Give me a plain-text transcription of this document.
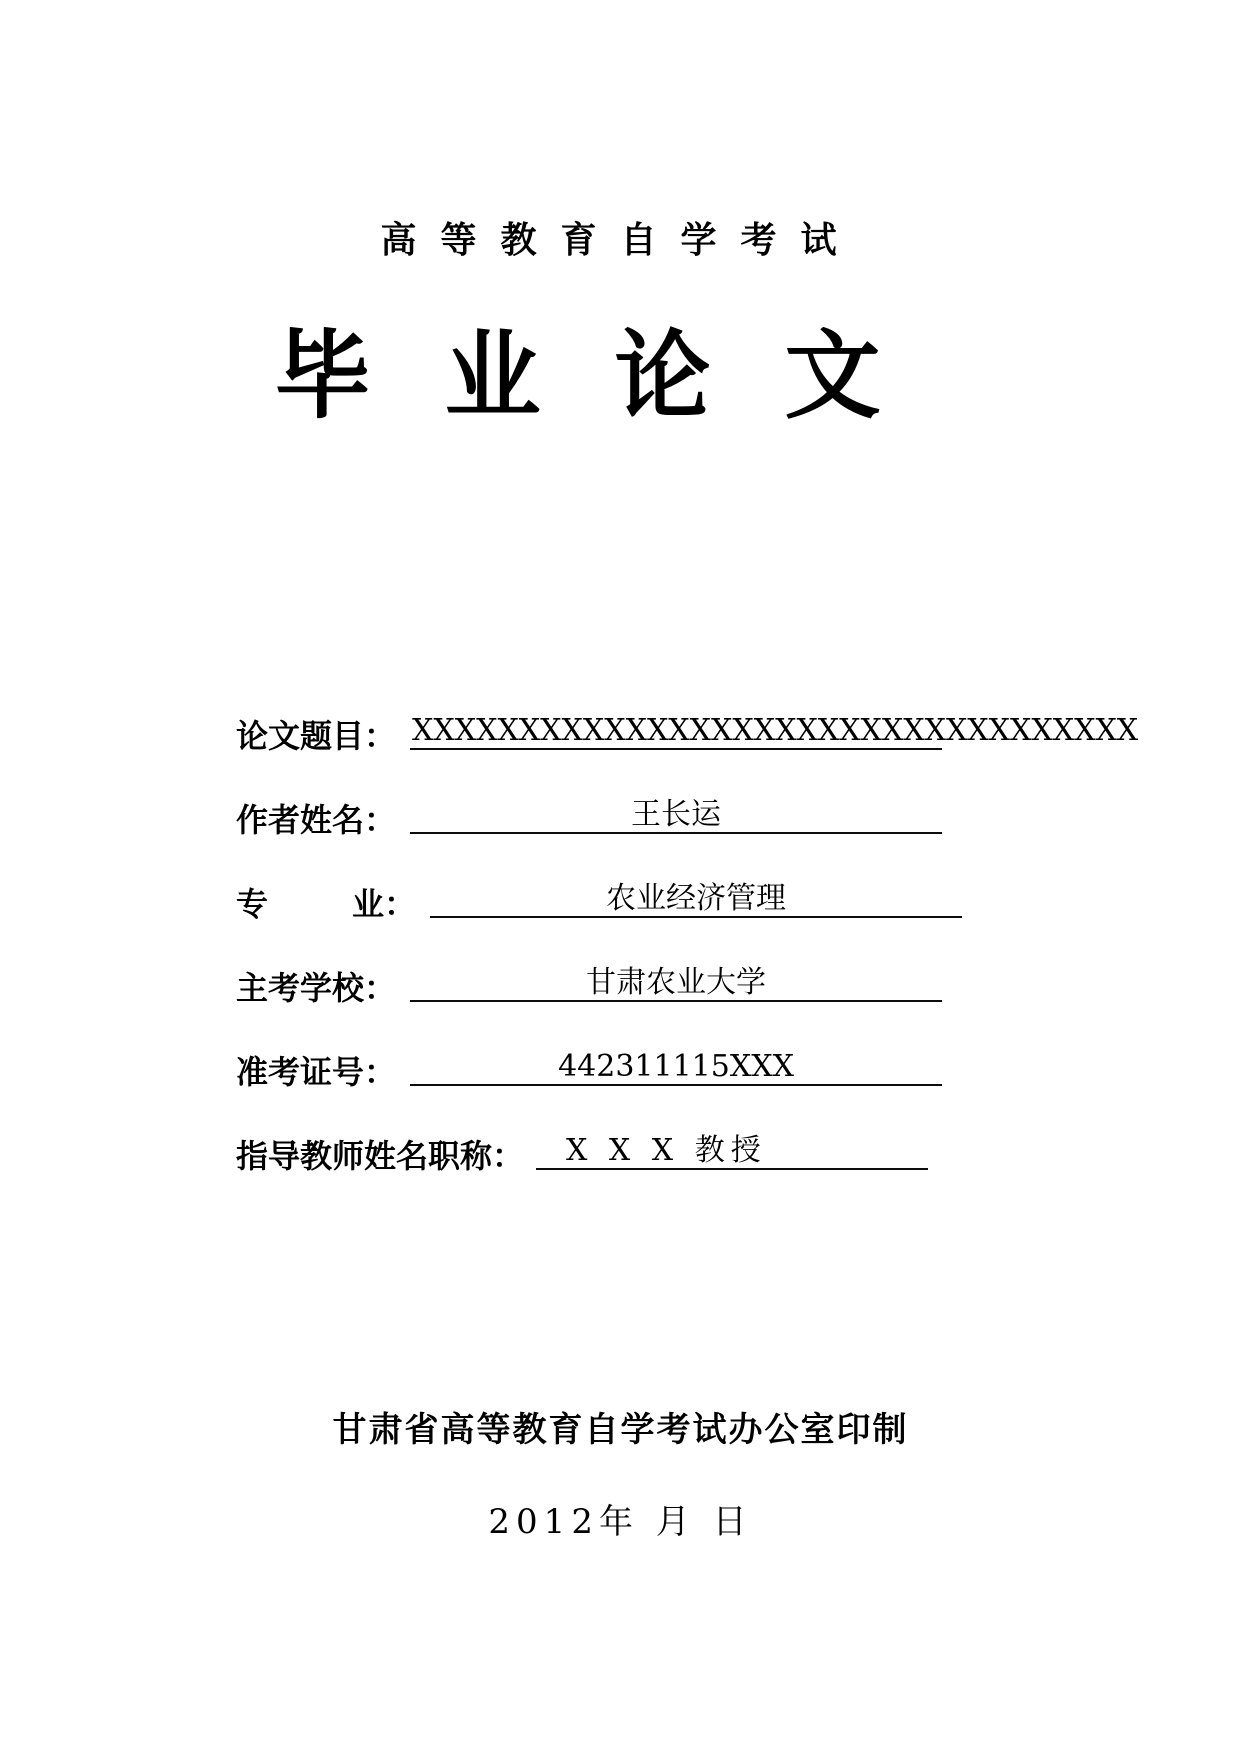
高等教育自学考试
毕业论文
论文题目： XXXXXXXXXXXXXXXXXXXXXXXXXXXXXXXXXX
作者姓名：	王长运
专	业：	农业经济管理
主考学校：	甘肃农业大学
准考证号：	442311115XXX
指导教师姓名职称：	X X X 教授
甘肃省高等教育自学考试办公室印制
2012年 月 日
